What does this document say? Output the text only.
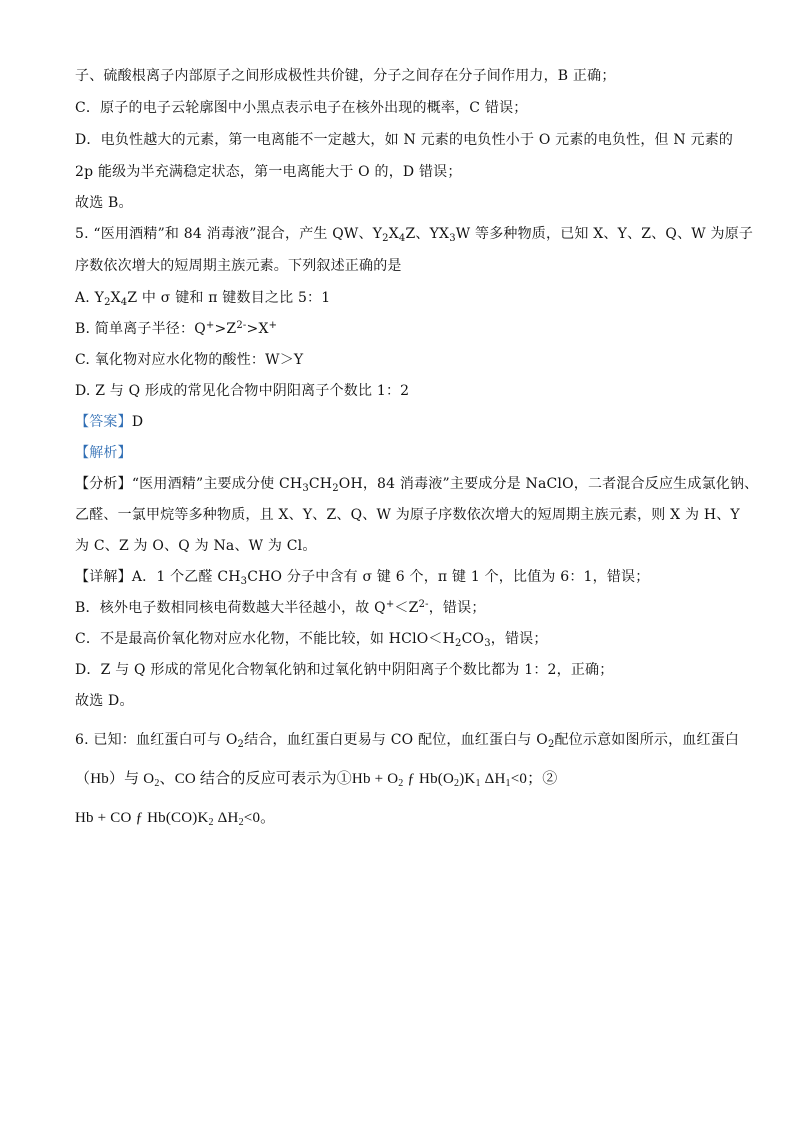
子、硫酸根离子内部原子之间形成极性共价键，分子之间存在分子间作用力，B 正确；
C．原子的电子云轮廓图中小黑点表示电子在核外出现的概率，C 错误；
D．电负性越大的元素，第一电离能不一定越大，如 N 元素的电负性小于 O 元素的电负性，但 N 元素的
2p 能级为半充满稳定状态，第一电离能大于 O 的，D 错误；
故选 B。
5. “医用酒精”和 84 消毒液”混合，产生 QW、$Y_2X_4Z$、$YX_3W$ 等多种物质，已知 X、Y、Z、Q、W 为原子
序数依次增大的短周期主族元素。下列叙述正确的是
A. $Y_2X_4Z$ 中 σ 键和 π 键数目之比 5：1
B. 简单离子半径：$Q^+>Z^{2-}>X^+$
C. 氧化物对应水化物的酸性：W＞Y
D. Z 与 Q 形成的常见化合物中阴阳离子个数比 1：2
【答案】D
【解析】
【分析】“医用酒精”主要成分使 $CH_3CH_2OH$，84 消毒液”主要成分是 NaClO，二者混合反应生成氯化钠、
乙醛、一氯甲烷等多种物质，且 X、Y、Z、Q、W 为原子序数依次增大的短周期主族元素，则 X 为 H、Y
为 C、Z 为 O、Q 为 Na、W 为 Cl。
【详解】A．1 个乙醛 $CH_3CHO$ 分子中含有 σ 键 6 个，π 键 1 个，比值为 6：1，错误；
B．核外电子数相同核电荷数越大半径越小，故 $Q^+<Z^{2-}$，错误；
C．不是最高价氧化物对应水化物，不能比较，如 $HClO<H_2CO_3$，错误；
D．Z 与 Q 形成的常见化合物氧化钠和过氧化钠中阴阳离子个数比都为 1：2，正确；
故选 D。
6. 已知：血红蛋白可与 $O_2$结合，血红蛋白更易与 CO 配位，血红蛋白与 $O_2$配位示意如图所示，血红蛋白
（Hb）与 $O_2$、CO 结合的反应可表示为①Hb + $O_2$ ƒ $Hb(O_2)K_1$ $\Delta H_1<0$；②
Hb + CO ƒ $Hb(CO)K_2$ $\Delta H_2<0$。
